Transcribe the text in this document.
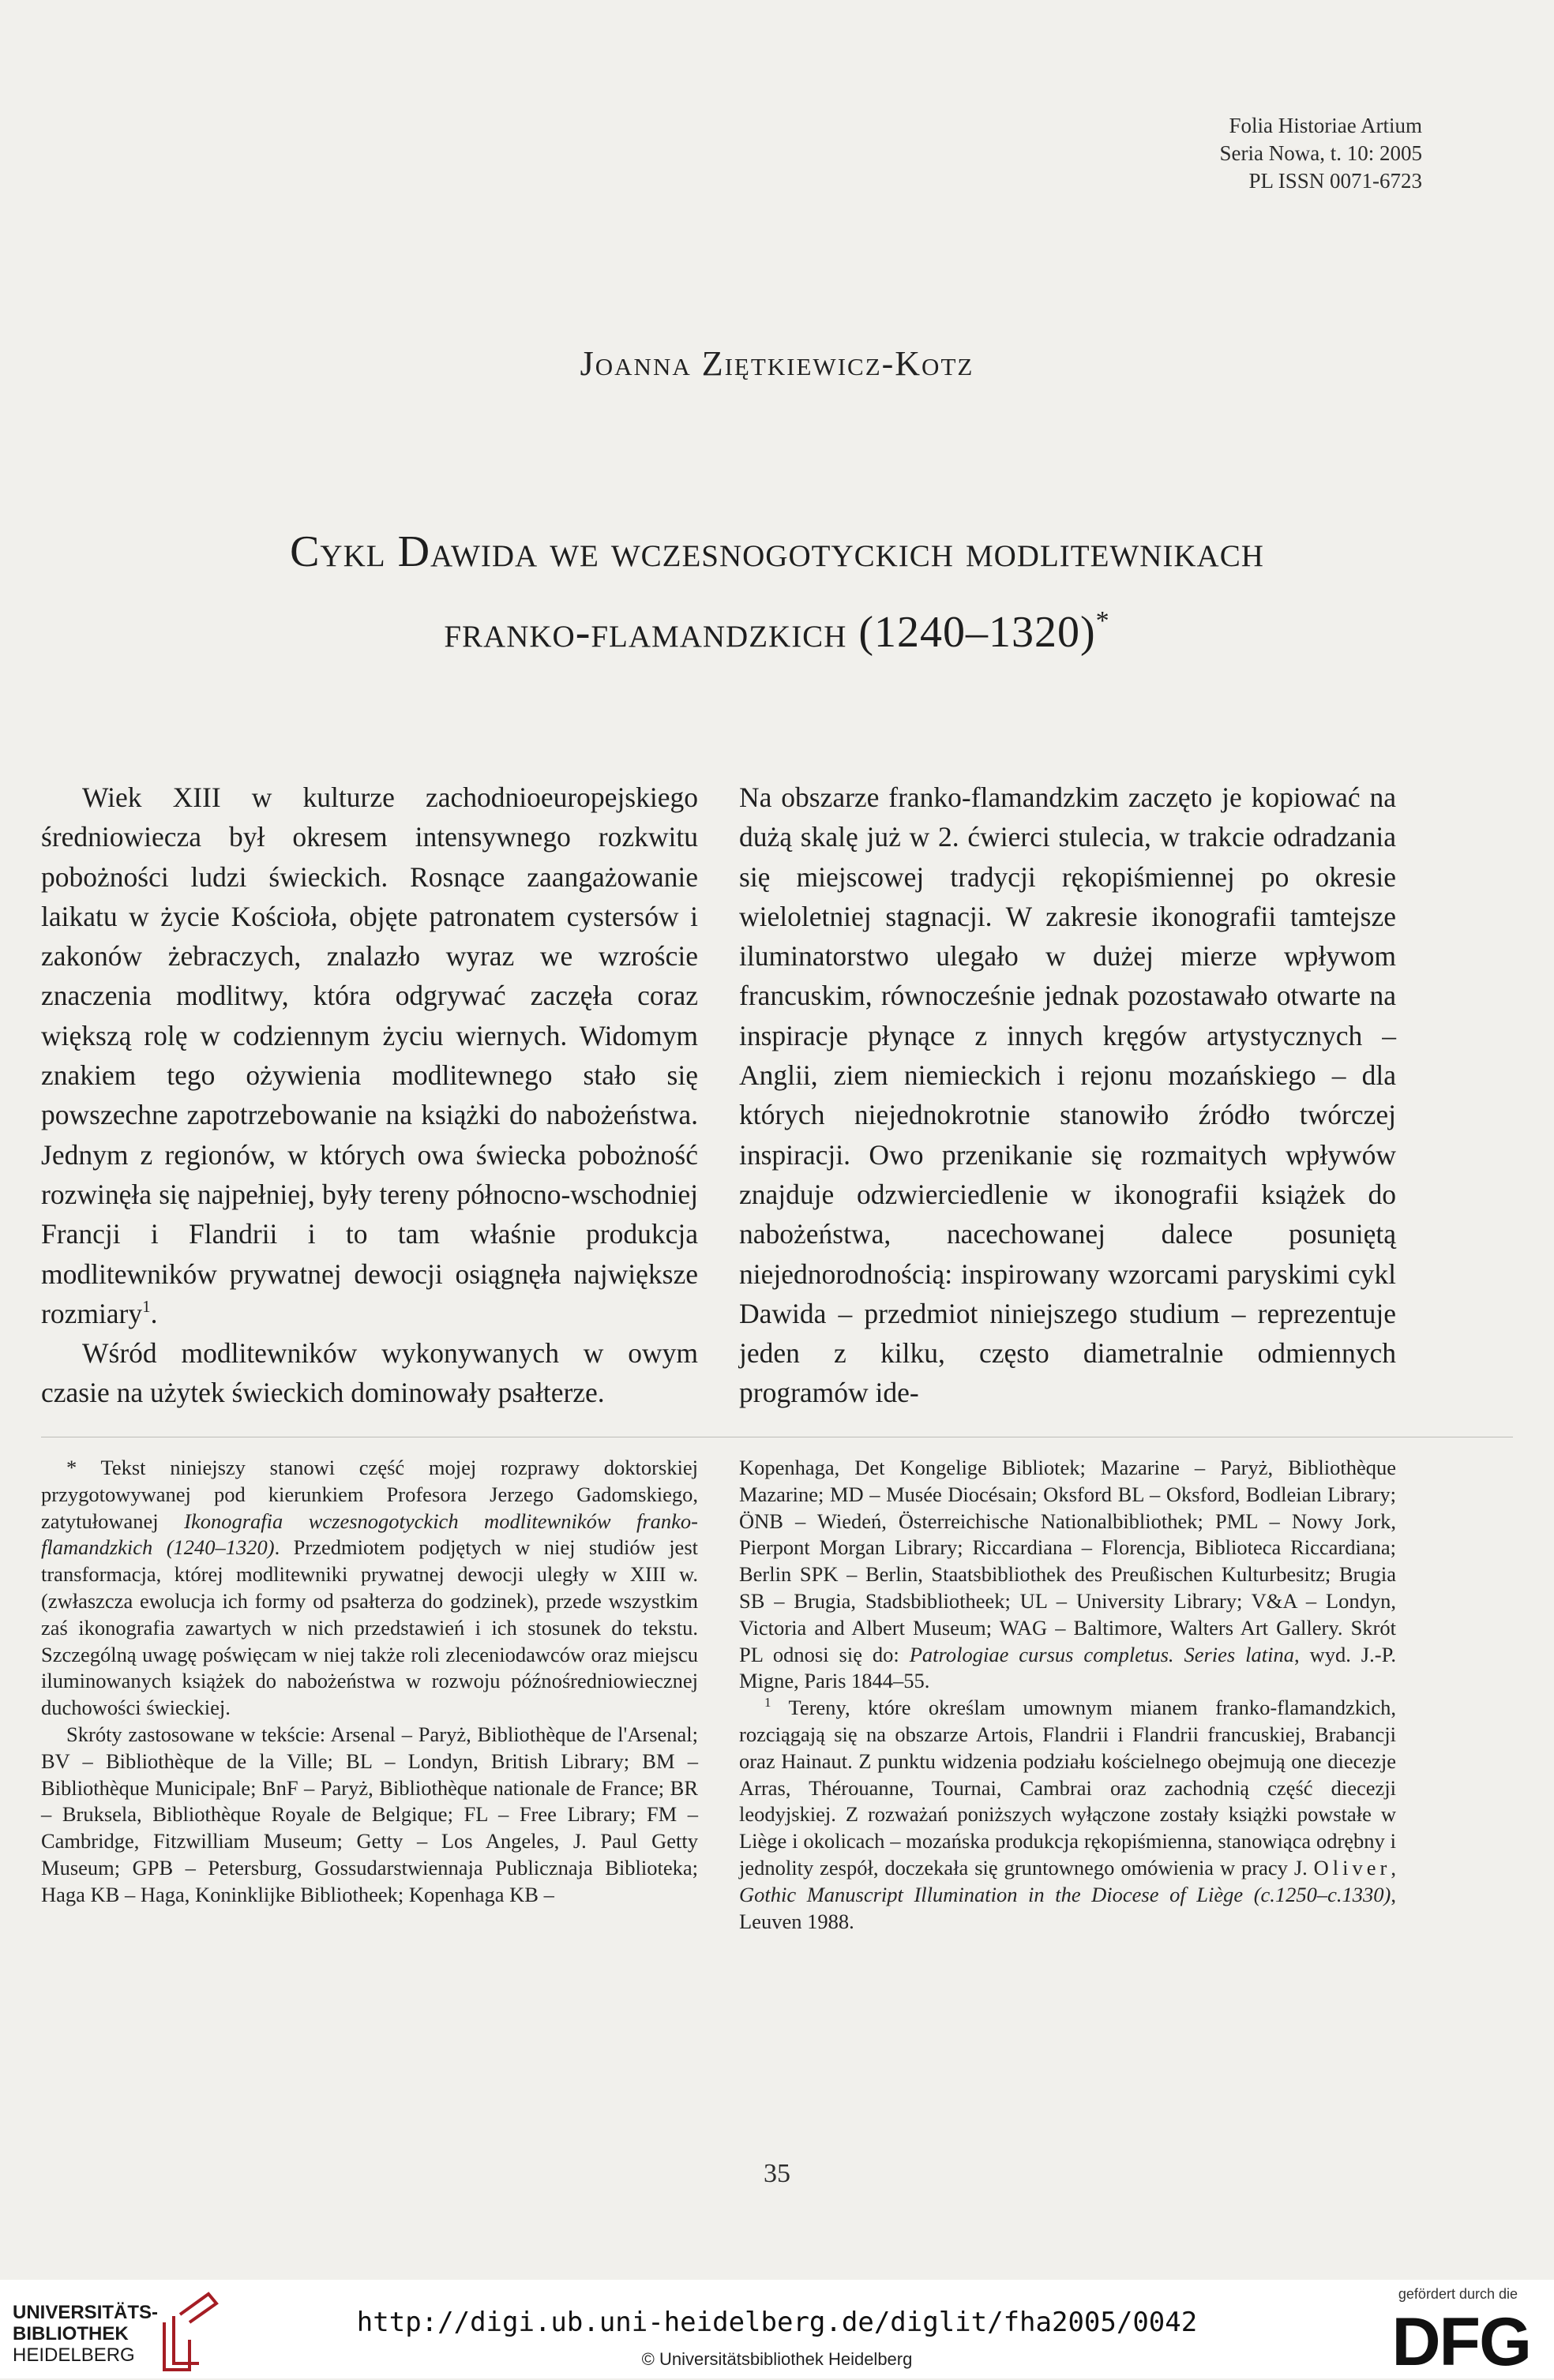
Folia Historiae Artium
Seria Nowa, t. 10: 2005
PL ISSN 0071-6723
Joanna Ziętkiewicz-Kotz
Cykl Dawida we wczesnogotyckich modlitewnikach
franko-flamandzkich (1240–1320)*

Wiek XIII w kulturze zachodnioeuropejskiego średniowiecza był okresem intensywnego rozkwitu pobożności ludzi świeckich. Rosnące zaangażowanie laikatu w życie Kościoła, objęte patronatem cystersów i zakonów żebraczych, znalazło wyraz we wzroście znaczenia modlitwy, która odgrywać zaczęła coraz większą rolę w codziennym życiu wiernych. Widomym znakiem tego ożywienia modlitewnego stało się powszechne zapotrzebowanie na książki do nabożeństwa. Jednym z regionów, w których owa świecka pobożność rozwinęła się najpełniej, były tereny północno-wschodniej Francji i Flandrii i to tam właśnie produkcja modlitewników prywatnej dewocji osiągnęła największe rozmiary$^1$.

Wśród modlitewników wykonywanych w owym czasie na użytek świeckich dominowały psałterze.

Na obszarze franko-flamandzkim zaczęto je kopiować na dużą skalę już w 2. ćwierci stulecia, w trakcie odradzania się miejscowej tradycji rękopiśmiennej po okresie wieloletniej stagnacji. W zakresie ikonografii tamtejsze iluminatorstwo ulegało w dużej mierze wpływom francuskim, równocześnie jednak pozostawało otwarte na inspiracje płynące z innych kręgów artystycznych – Anglii, ziem niemieckich i rejonu mozańskiego – dla których niejednokrotnie stanowiło źródło twórczej inspiracji. Owo przenikanie się rozmaitych wpływów znajduje odzwierciedlenie w ikonografii książek do nabożeństwa, nacechowanej dalece posuniętą niejednorodnością: inspirowany wzorcami paryskimi cykl Dawida – przedmiot niniejszego studium – reprezentuje jeden z kilku, często diametralnie odmiennych programów ide-

* Tekst niniejszy stanowi część mojej rozprawy doktorskiej przygotowywanej pod kierunkiem Profesora Jerzego Gadomskiego, zatytułowanej Ikonografia wczesnogotyckich modlitewników franko-flamandzkich (1240–1320). Przedmiotem podjętych w niej studiów jest transformacja, której modlitewniki prywatnej dewocji uległy w XIII w. (zwłaszcza ewolucja ich formy od psałterza do godzinek), przede wszystkim zaś ikonografia zawartych w nich przedstawień i ich stosunek do tekstu. Szczególną uwagę poświęcam w niej także roli zleceniodawców oraz miejscu iluminowanych książek do nabożeństwa w rozwoju późnośredniowiecznej duchowości świeckiej.

Skróty zastosowane w tekście: Arsenal – Paryż, Bibliothèque de l'Arsenal; BV – Bibliothèque de la Ville; BL – Londyn, British Library; BM – Bibliothèque Municipale; BnF – Paryż, Bibliothèque nationale de France; BR – Bruksela, Bibliothèque Royale de Belgique; FL – Free Library; FM – Cambridge, Fitzwilliam Museum; Getty – Los Angeles, J. Paul Getty Museum; GPB – Petersburg, Gossudarstwiennaja Publicznaja Biblioteka; Haga KB – Haga, Koninklijke Bibliotheek; Kopenhaga KB –

Kopenhaga, Det Kongelige Bibliotek; Mazarine – Paryż, Bibliothèque Mazarine; MD – Musée Diocésain; Oksford BL – Oksford, Bodleian Library; ÖNB – Wiedeń, Österreichische Nationalbibliothek; PML – Nowy Jork, Pierpont Morgan Library; Riccardiana – Florencja, Biblioteca Riccardiana; Berlin SPK – Berlin, Staatsbibliothek des Preußischen Kulturbesitz; Brugia SB – Brugia, Stadsbibliotheek; UL – University Library; V&A – Londyn, Victoria and Albert Museum; WAG – Baltimore, Walters Art Gallery. Skrót PL odnosi się do: Patrologiae cursus completus. Series latina, wyd. J.-P. Migne, Paris 1844–55.

$^1$ Tereny, które określam umownym mianem franko-flamandzkich, rozciągają się na obszarze Artois, Flandrii i Flandrii francuskiej, Brabancji oraz Hainaut. Z punktu widzenia podziału kościelnego obejmują one diecezje Arras, Thérouanne, Tournai, Cambrai oraz zachodnią część diecezji leodyjskiej. Z rozważań poniższych wyłączone zostały książki powstałe w Liège i okolicach – mozańska produkcja rękopiśmienna, stanowiąca odrębny i jednolity zespół, doczekała się gruntownego omówienia w pracy J. Oliver, Gothic Manuscript Illumination in the Diocese of Liège (c.1250–c.1330), Leuven 1988.

35
UNIVERSITÄTS-
BIBLIOTHEK
HEIDELBERG
http://digi.ub.uni-heidelberg.de/diglit/fha2005/0042
© Universitätsbibliothek Heidelberg
gefördert durch die
DFG
